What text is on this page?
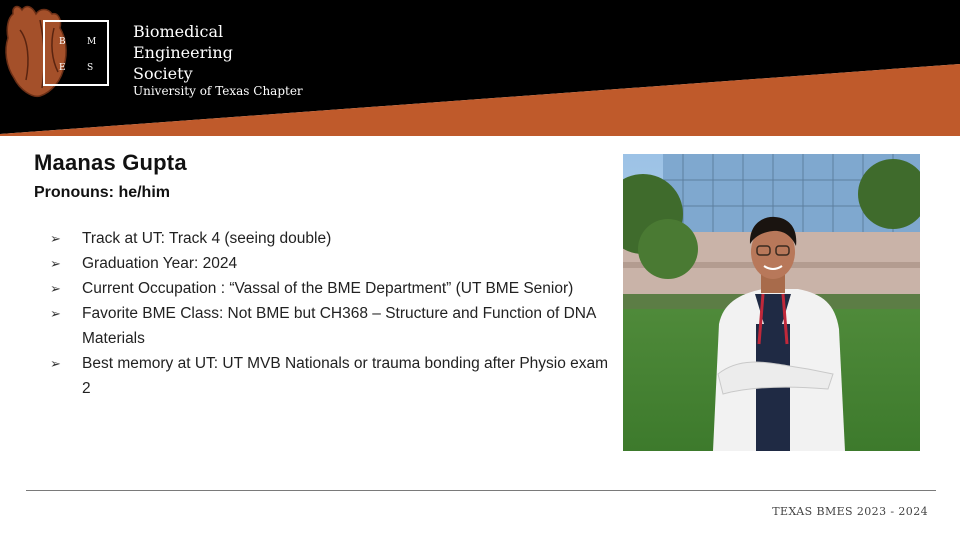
B M
E S
Biomedical
Engineering
Society
University of Texas Chapter
Maanas Gupta
Pronouns: he/him
➢ Track at UT: Track 4 (seeing double)
➢ Graduation Year: 2024
➢ Current Occupation : “Vassal of the BME Department” (UT BME Senior)
➢ Favorite BME Class: Not BME but CH368 – Structure and Function of DNA Materials
➢ Best memory at UT: UT MVB Nationals or trauma bonding after Physio exam 2
TEXAS BMES 2023 - 2024
